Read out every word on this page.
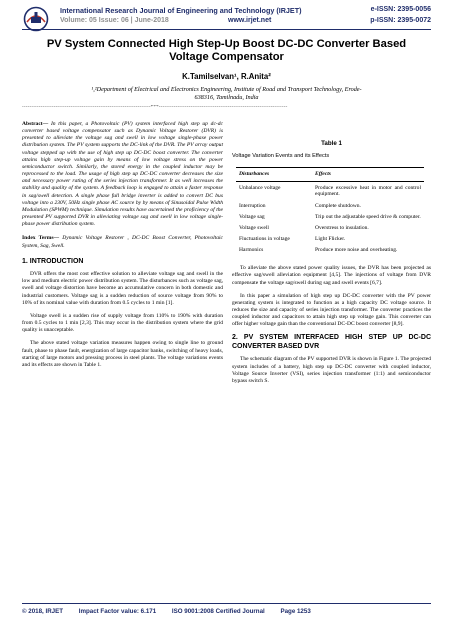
International Research Journal of Engineering and Technology (IRJET)
Volume: 05 Issue: 06 | June-2018	www.irjet.net
e-ISSN: 2395-0056
p-ISSN: 2395-0072
PV System Connected High Step-Up Boost DC-DC Converter Based
Voltage Compensator
K.Tamilselvan¹, R.Anita²
¹,²Department of Electrical and Electronics Engineering, Institute of Road and Transport Technology, Erode-
638316, Tamilnadu, India
---------------------------------------------------------------------***---------------------------------------------------------------------

Abstract— In this paper, a Photovoltaic (PV) system interfaced high step up dc-dc converter based voltage compensator such as Dynamic Voltage Restorer (DVR) is presented to alleviate the voltage sag and swell in low voltage single-phase power distribution system. The PV system supports the DC-link of the DVR. The PV array output voltage stepped up with the use of high step up DC-DC boost converter. The converter attains high step-up voltage gain by means of low voltage stress on the power semiconductor switch. Similarly, the stored energy in the coupled inductor may be reprocessed to the load. The usage of high step up DC-DC converter decreases the size and necessary power rating of the series injection transformer. It as well increases the stability and quality of the system. A feedback loop is engaged to attain a faster response in sag/swell detection. A single phase full bridge inverter is added to convert DC bus voltage into a 230V, 50Hz single phase AC source by by means of Sinusoidal Pulse Width Modulation (SPWM) technique. Simulation results have ascertained the proficiency of the presented PV supported DVR in alleviating voltage sag and swell in low voltage single-phase power distribution system.

Index Terms— Dynamic Voltage Restorer , DC-DC Boost Converter, Photovoltaic System, Sag, Swell.

1. INTRODUCTION

DVR offers the most cost effective solution to alleviate voltage sag and swell in the low and medium electric power distribution system. The disturbances such as voltage sag, swell and voltage distortion have become an accumulative concern in both domestic and industrial customers. Voltage sag is a sudden reduction of source voltage from 90% to 10% of its nominal value with duration from 0.5 cycles to 1 min [1].

Voltage swell is a sudden rise of supply voltage from 110% to 190% with duration from 0.5 cycles to 1 min [2,3]. This may occur in the distribution system where the grid quality is unacceptable.

The above stated voltage variation measures happen owing to single line to ground fault, phase to phase fault, energization of large capacitor banks, switching of heavy loads, starting of large motors and pressing process in steel plants. The voltage variations events and its effects are shown in Table 1.

Table 1
Voltage Variation Events and its Effects
Disturbances	Effects
Unbalance voltage	Produce excessive heat in motor and control equipment.
Interruption	Complete shutdown.
Voltage sag	Trip out the adjustable speed drive & computer.
Voltage swell	Overstress to insulation.
Fluctuations in voltage	Light Flicker.
Harmonics	Produce more noise and overheating.

To alleviate the above stated power quality issues, the DVR has been projected as effective sag/swell alleviation equipment [4,5]. The injections of voltage from DVR compensate the voltage sag/swell during sag and swell events [6,7].

In this paper a simulation of high step up DC-DC converter with the PV power generating system is integrated to function as a high capacity DC voltage source. It reduces the size and capacity of series injection transformer. The converter practices the coupled inductor and capacitors to attain high step up voltage gain. This converter can offer higher voltage gain than the conventional DC-DC boost converter [8,9].

2. PV SYSTEM INTERFACED HIGH STEP UP DC-DC CONVERTER BASED DVR

The schematic diagram of the PV supported DVR is shown in Figure 1. The projected system includes of a battery, high step up DC-DC converter with coupled inductor, Voltage Source Inverter (VSI), series injection transformer (1:1) and semiconductor bypass switch S.

© 2018, IRJET	Impact Factor value: 6.171	ISO 9001:2008 Certified Journal	Page 1253
